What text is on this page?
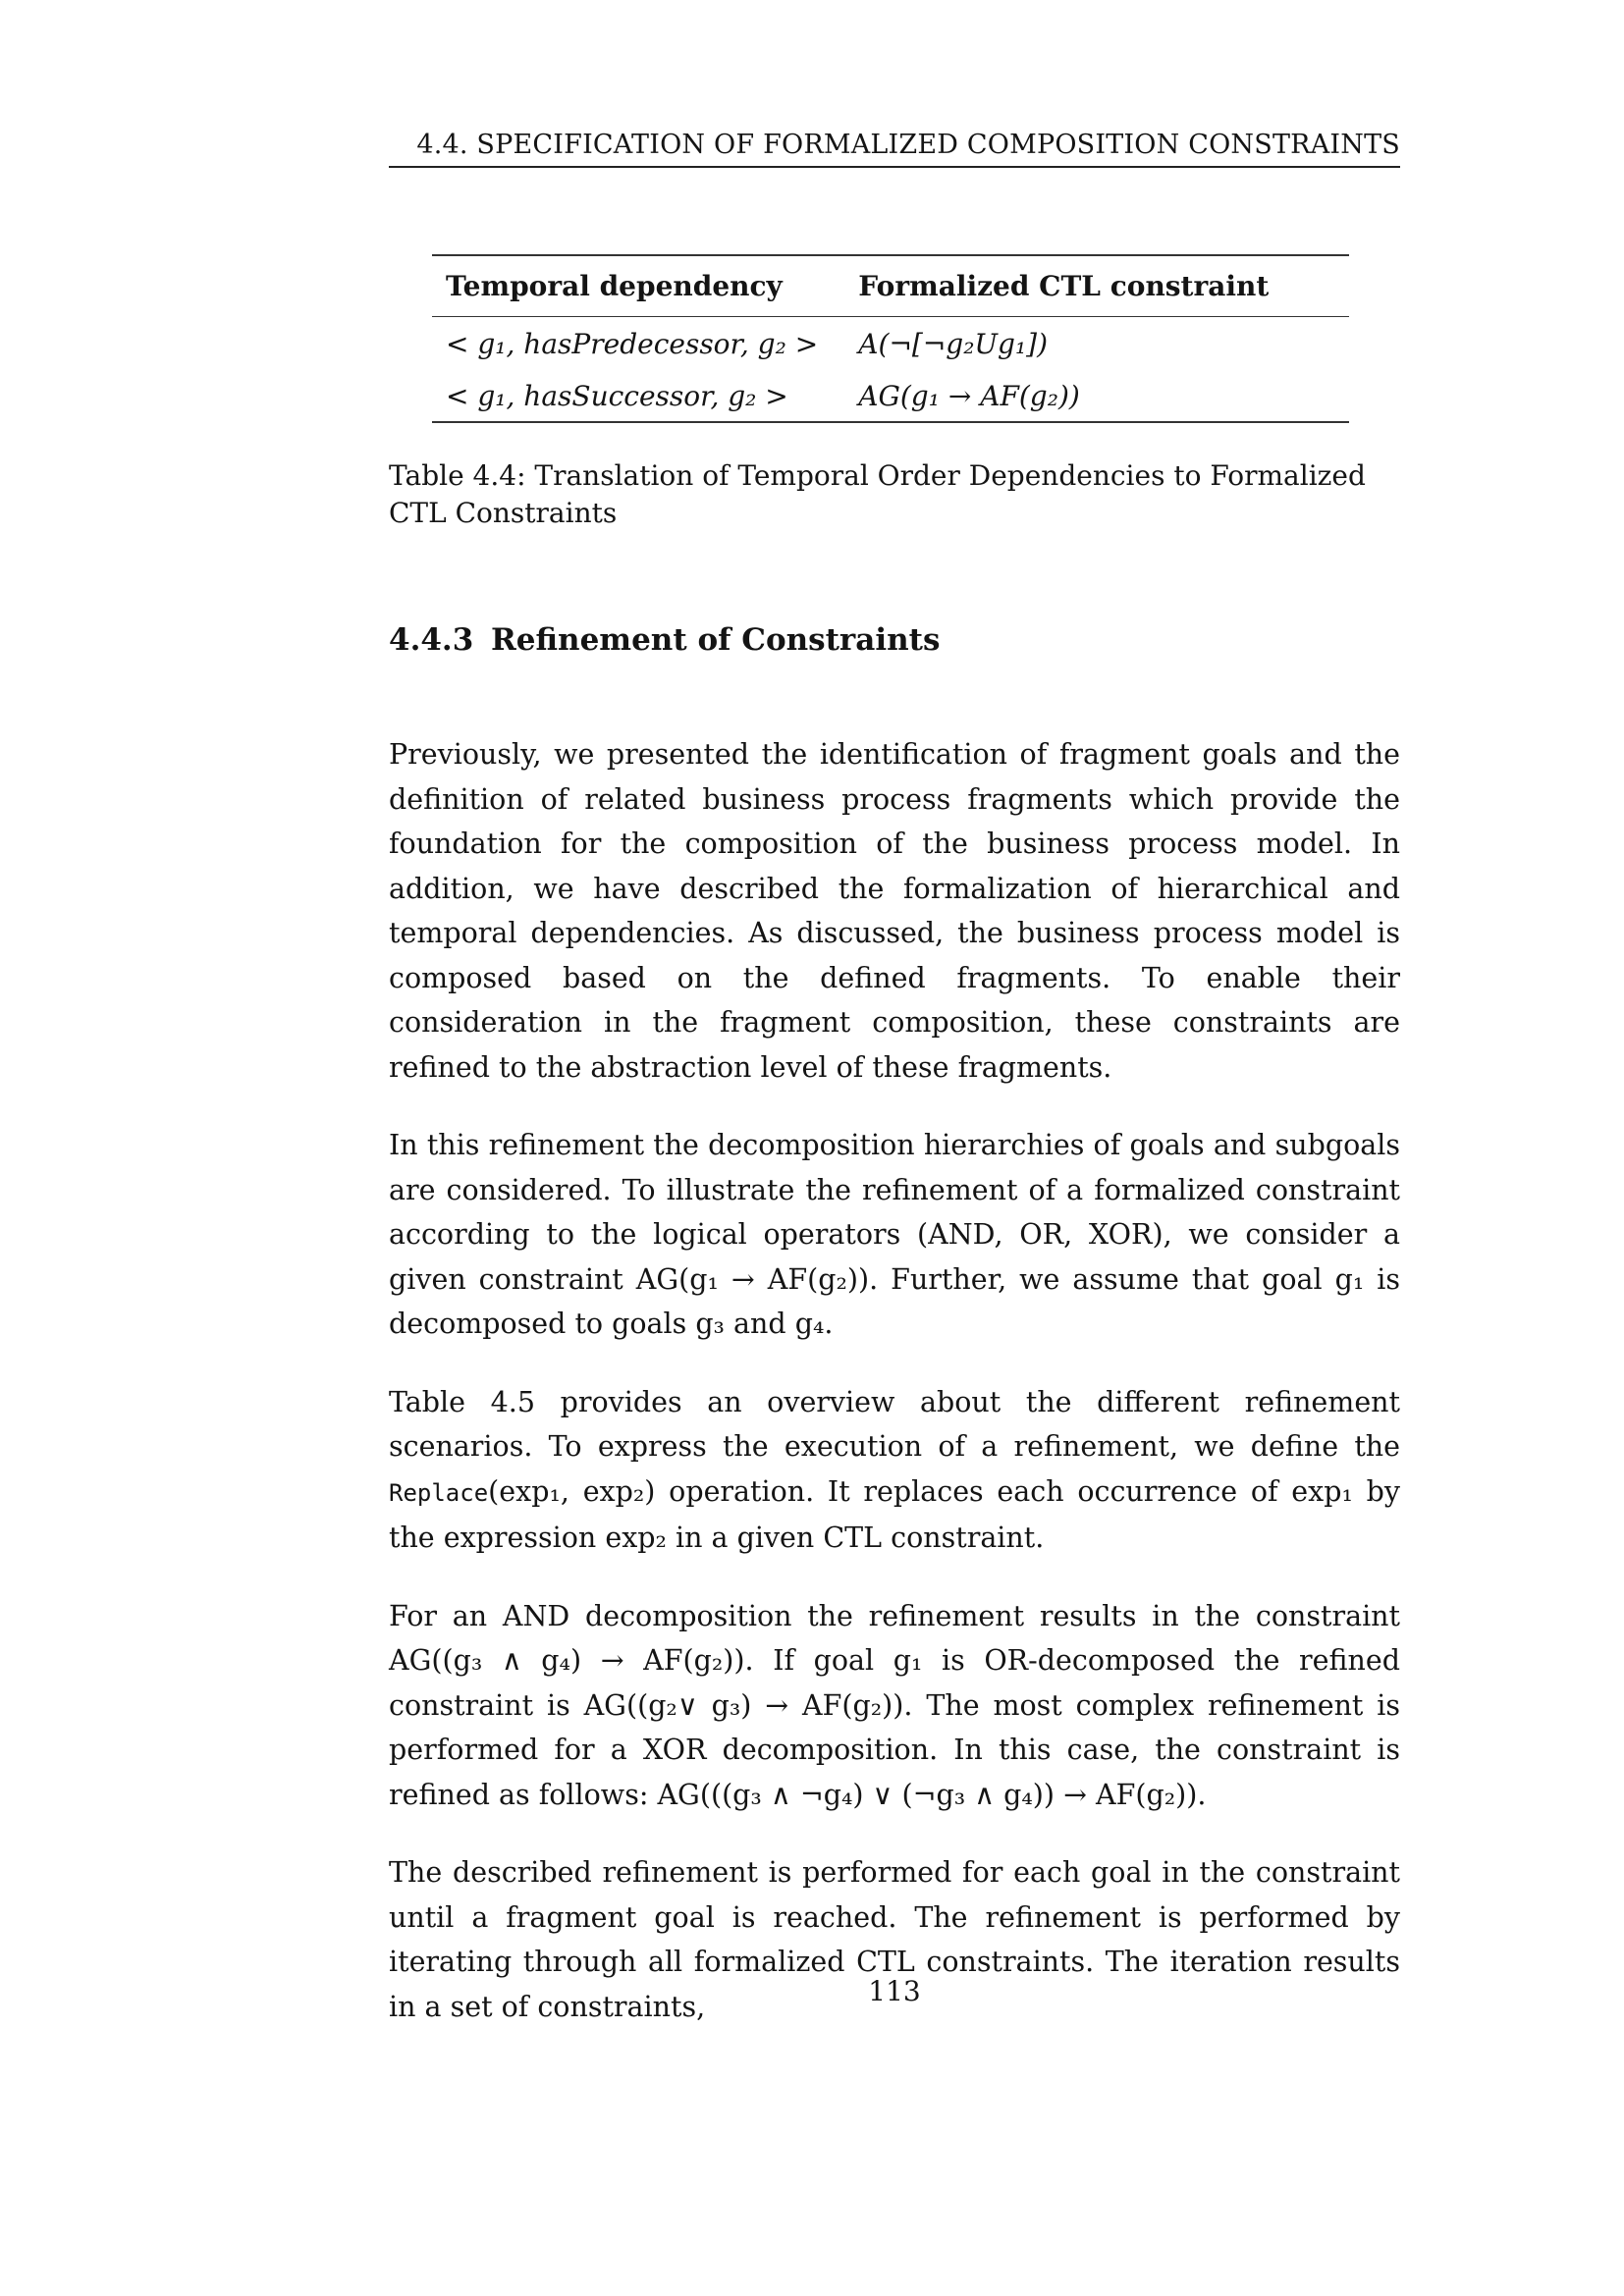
4.4. SPECIFICATION OF FORMALIZED COMPOSITION CONSTRAINTS
Temporal dependency	Formalized CTL constraint
< g₁, hasPredecessor, g₂ >	A(¬[¬g₂Ug₁])
< g₁, hasSuccessor, g₂ >	AG(g₁ → AF(g₂))
Table 4.4: Translation of Temporal Order Dependencies to Formalized CTL Constraints
4.4.3 Refinement of Constraints

Previously, we presented the identification of fragment goals and the definition of related business process fragments which provide the foundation for the composition of the business process model. In addition, we have described the formalization of hierarchical and temporal dependencies. As discussed, the business process model is composed based on the defined fragments. To enable their consideration in the fragment composition, these constraints are refined to the abstraction level of these fragments.

In this refinement the decomposition hierarchies of goals and subgoals are considered. To illustrate the refinement of a formalized constraint according to the logical operators (AND, OR, XOR), we consider a given constraint AG(g₁ → AF(g₂)). Further, we assume that goal g₁ is decomposed to goals g₃ and g₄.

Table 4.5 provides an overview about the different refinement scenarios. To express the execution of a refinement, we define the Replace(exp₁, exp₂) operation. It replaces each occurrence of exp₁ by the expression exp₂ in a given CTL constraint.

For an AND decomposition the refinement results in the constraint AG((g₃ ∧ g₄) → AF(g₂)). If goal g₁ is OR-decomposed the refined constraint is AG((g₂∨ g₃) → AF(g₂)). The most complex refinement is performed for a XOR decomposition. In this case, the constraint is refined as follows: AG(((g₃ ∧ ¬g₄) ∨ (¬g₃ ∧ g₄)) → AF(g₂)).

The described refinement is performed for each goal in the constraint until a fragment goal is reached. The refinement is performed by iterating through all formalized CTL constraints. The iteration results in a set of constraints,	113
